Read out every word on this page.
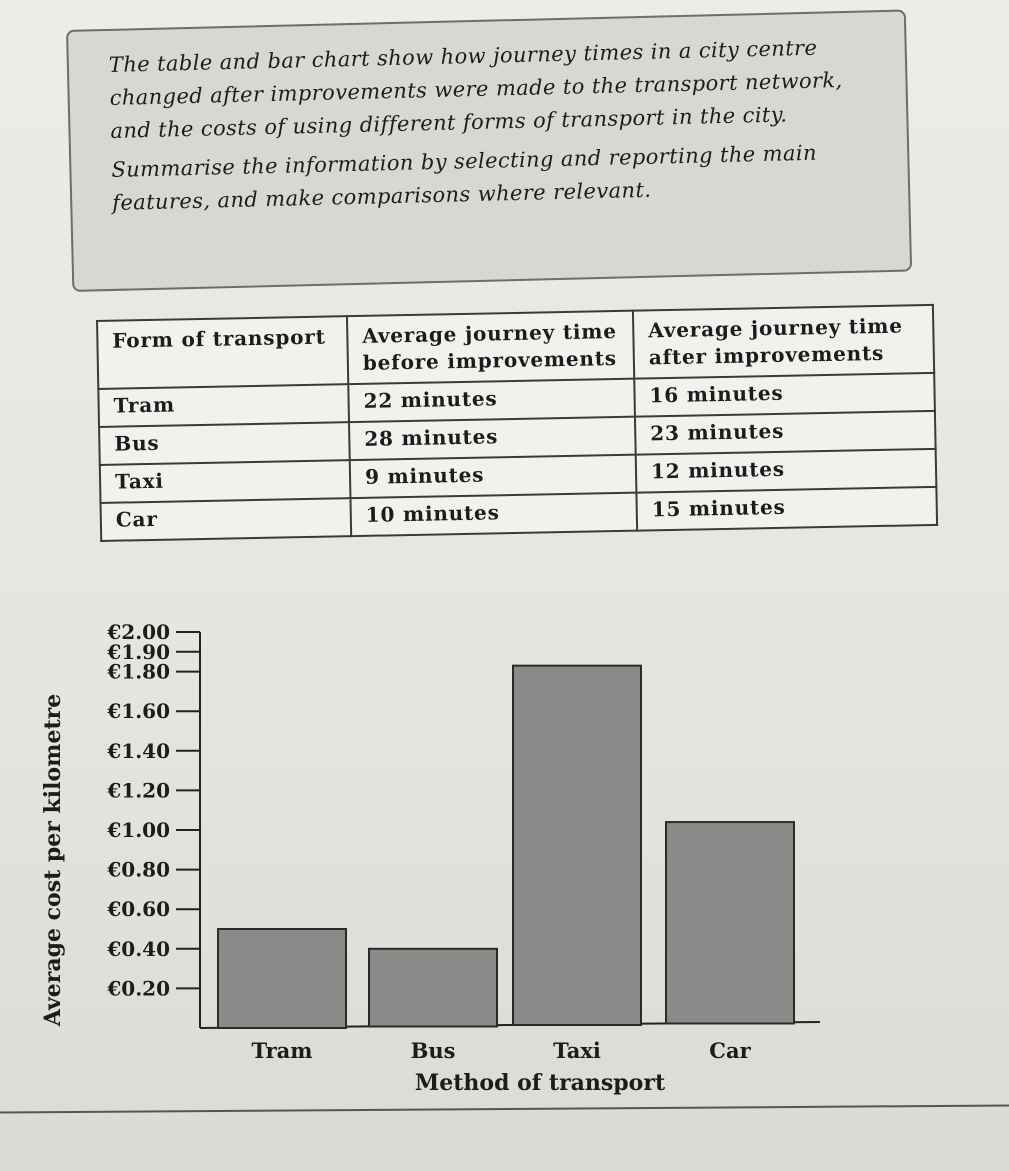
The table and bar chart show how journey times in a city centre changed after improvements were made to the transport network, and the costs of using different forms of transport in the city.

Summarise the information by selecting and reporting the main features, and make comparisons where relevant.

Form of transport	Average journey time before improvements	Average journey time after improvements
Tram	22 minutes	16 minutes
Bus	28 minutes	23 minutes
Taxi	9 minutes	12 minutes
Car	10 minutes	15 minutes
€0.20
€0.40
€0.60
€0.80
€1.00
€1.20
€1.40
€1.60
€1.80
€1.90
€2.00
Tram	Bus	Taxi	Car
Method of transport
Average cost per kilometre
